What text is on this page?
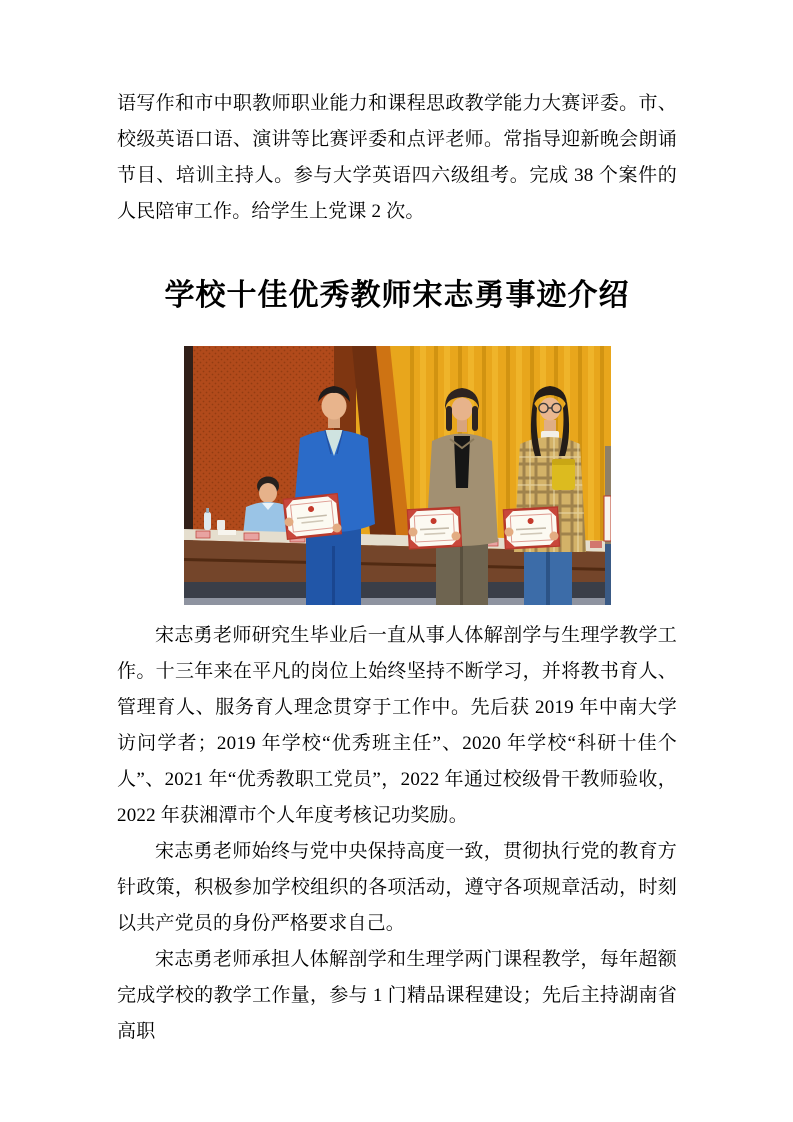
语写作和市中职教师职业能力和课程思政教学能力大赛评委。市、校级英语口语、演讲等比赛评委和点评老师。常指导迎新晚会朗诵节目、培训主持人。参与大学英语四六级组考。完成 38 个案件的人民陪审工作。给学生上党课 2 次。

学校十佳优秀教师宋志勇事迹介绍

宋志勇老师研究生毕业后一直从事人体解剖学与生理学教学工作。十三年来在平凡的岗位上始终坚持不断学习，并将教书育人、管理育人、服务育人理念贯穿于工作中。先后获 2019 年中南大学访问学者；2019 年学校“优秀班主任”、2020 年学校“科研十佳个人”、2021 年“优秀教职工党员”，2022 年通过校级骨干教师验收，2022 年获湘潭市个人年度考核记功奖励。

宋志勇老师始终与党中央保持高度一致，贯彻执行党的教育方针政策，积极参加学校组织的各项活动，遵守各项规章活动，时刻以共产党员的身份严格要求自己。

宋志勇老师承担人体解剖学和生理学两门课程教学，每年超额完成学校的教学工作量，参与 1 门精品课程建设；先后主持湖南省高职
